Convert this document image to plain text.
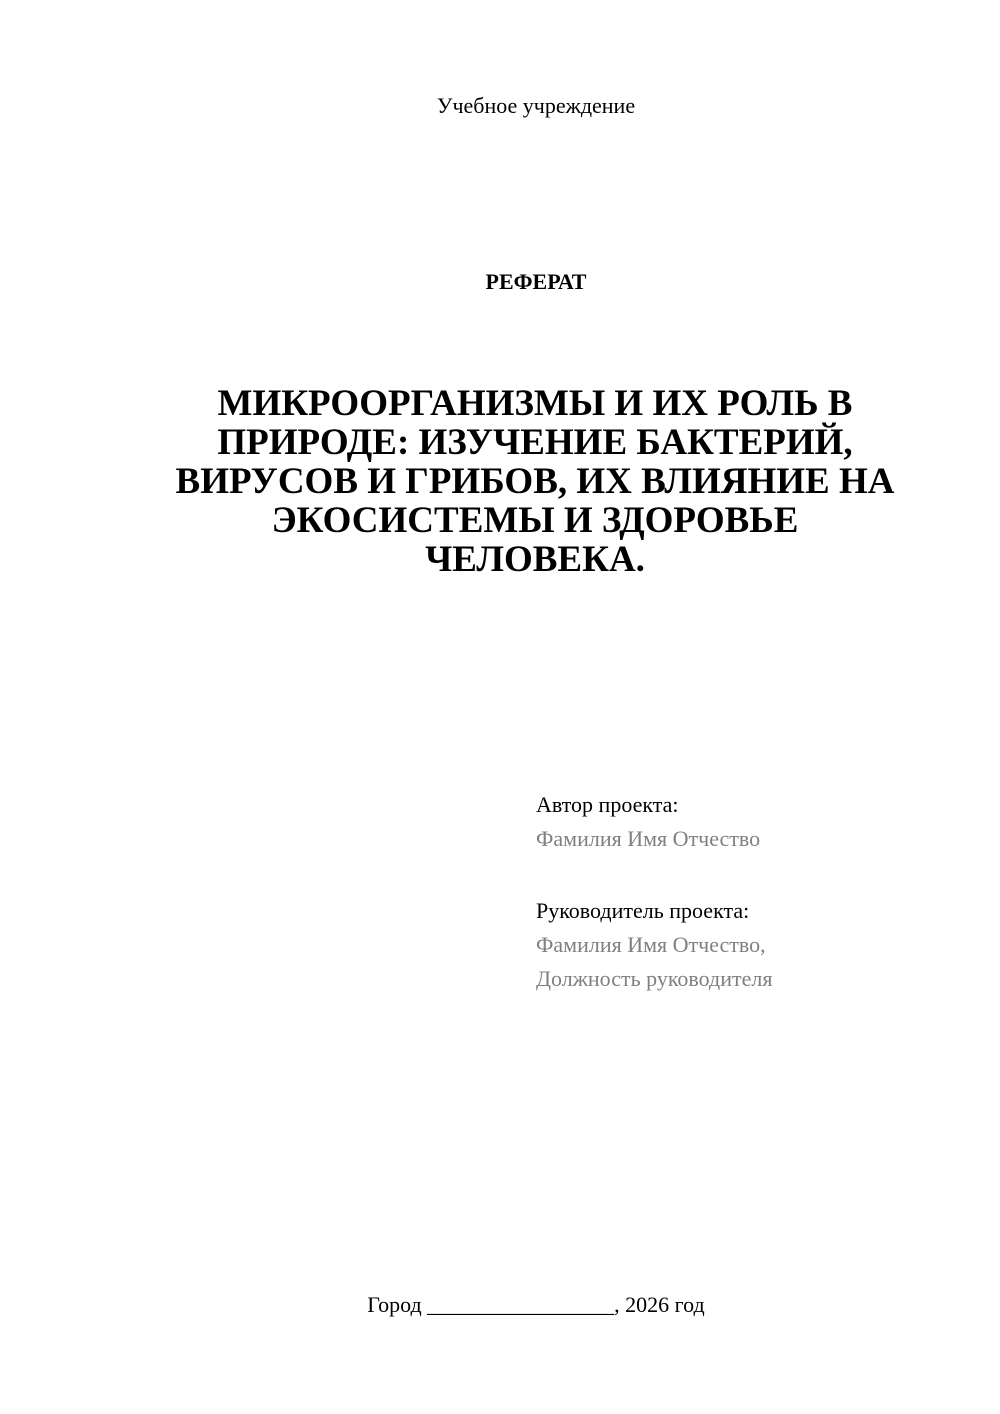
Учебное учреждение
РЕФЕРАТ
МИКРООРГАНИЗМЫ И ИХ РОЛЬ В
ПРИРОДЕ: ИЗУЧЕНИЕ БАКТЕРИЙ,
ВИРУСОВ И ГРИБОВ, ИХ ВЛИЯНИЕ НА
ЭКОСИСТЕМЫ И ЗДОРОВЬЕ
ЧЕЛОВЕКА.
Автор проекта:
Фамилия Имя Отчество
Руководитель проекта:
Фамилия Имя Отчество,
Должность руководителя
Город _________________, 2026 год
